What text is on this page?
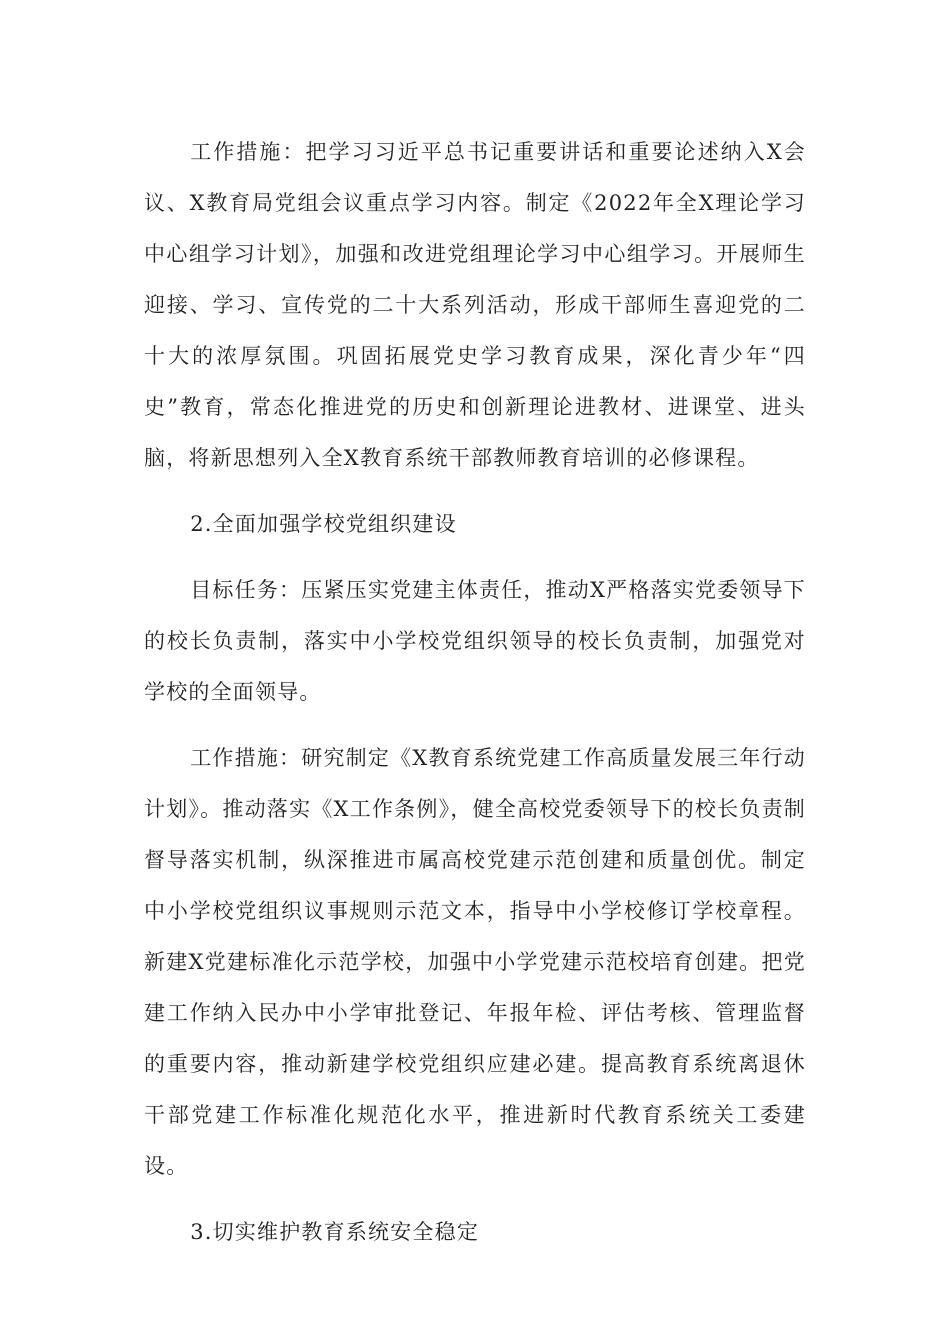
工作措施：把学习习近平总书记重要讲话和重要论述纳入X会议、X教育局党组会议重点学习内容。制定《2022年全X理论学习中心组学习计划》，加强和改进党组理论学习中心组学习。开展师生迎接、学习、宣传党的二十大系列活动，形成干部师生喜迎党的二十大的浓厚氛围。巩固拓展党史学习教育成果，深化青少年“四史”教育，常态化推进党的历史和创新理论进教材、进课堂、进头脑，将新思想列入全X教育系统干部教师教育培训的必修课程。

2.全面加强学校党组织建设

目标任务：压紧压实党建主体责任，推动X严格落实党委领导下的校长负责制，落实中小学校党组织领导的校长负责制，加强党对学校的全面领导。

工作措施：研究制定《X教育系统党建工作高质量发展三年行动计划》。推动落实《X工作条例》，健全高校党委领导下的校长负责制督导落实机制，纵深推进市属高校党建示范创建和质量创优。制定中小学校党组织议事规则示范文本，指导中小学校修订学校章程。新建X党建标准化示范学校，加强中小学党建示范校培育创建。把党建工作纳入民办中小学审批登记、年报年检、评估考核、管理监督的重要内容，推动新建学校党组织应建必建。提高教育系统离退休干部党建工作标准化规范化水平，推进新时代教育系统关工委建设。

3.切实维护教育系统安全稳定
